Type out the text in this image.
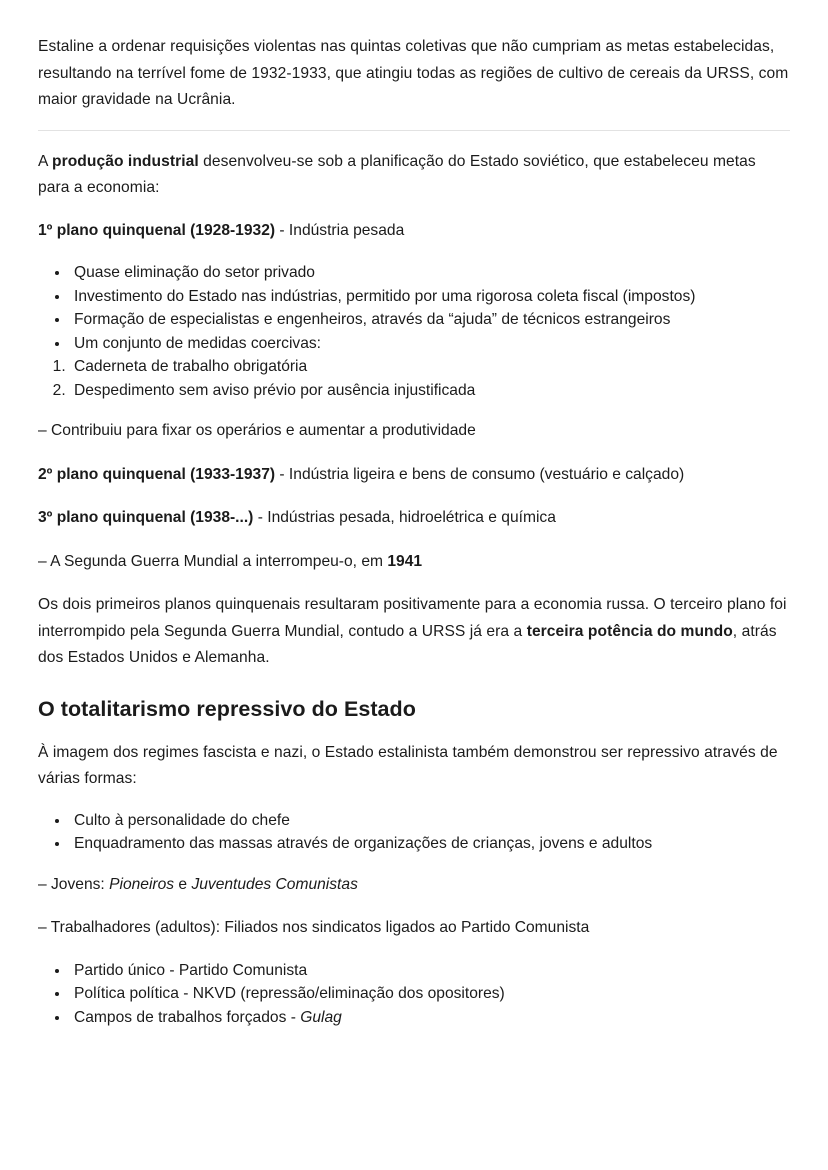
Estaline a ordenar requisições violentas nas quintas coletivas que não cumpriam as metas estabelecidas, resultando na terrível fome de 1932-1933, que atingiu todas as regiões de cultivo de cereais da URSS, com maior gravidade na Ucrânia.

A produção industrial desenvolveu-se sob a planificação do Estado soviético, que estabeleceu metas para a economia:

1º plano quinquenal (1928-1932) - Indústria pesada

• Quase eliminação do setor privado
• Investimento do Estado nas indústrias, permitido por uma rigorosa coleta fiscal (impostos)
• Formação de especialistas e engenheiros, através da “ajuda” de técnicos estrangeiros
• Um conjunto de medidas coercivas:
1. Caderneta de trabalho obrigatória
2. Despedimento sem aviso prévio por ausência injustificada

– Contribuiu para fixar os operários e aumentar a produtividade

2º plano quinquenal (1933-1937) - Indústria ligeira e bens de consumo (vestuário e calçado)

3º plano quinquenal (1938-...) - Indústrias pesada, hidroelétrica e química

– A Segunda Guerra Mundial a interrompeu-o, em 1941

Os dois primeiros planos quinquenais resultaram positivamente para a economia russa. O terceiro plano foi interrompido pela Segunda Guerra Mundial, contudo a URSS já era a terceira potência do mundo, atrás dos Estados Unidos e Alemanha.

O totalitarismo repressivo do Estado

À imagem dos regimes fascista e nazi, o Estado estalinista também demonstrou ser repressivo através de várias formas:

• Culto à personalidade do chefe
• Enquadramento das massas através de organizações de crianças, jovens e adultos

– Jovens: Pioneiros e Juventudes Comunistas

– Trabalhadores (adultos): Filiados nos sindicatos ligados ao Partido Comunista

• Partido único - Partido Comunista
• Política política - NKVD (repressão/eliminação dos opositores)
• Campos de trabalhos forçados - Gulag
